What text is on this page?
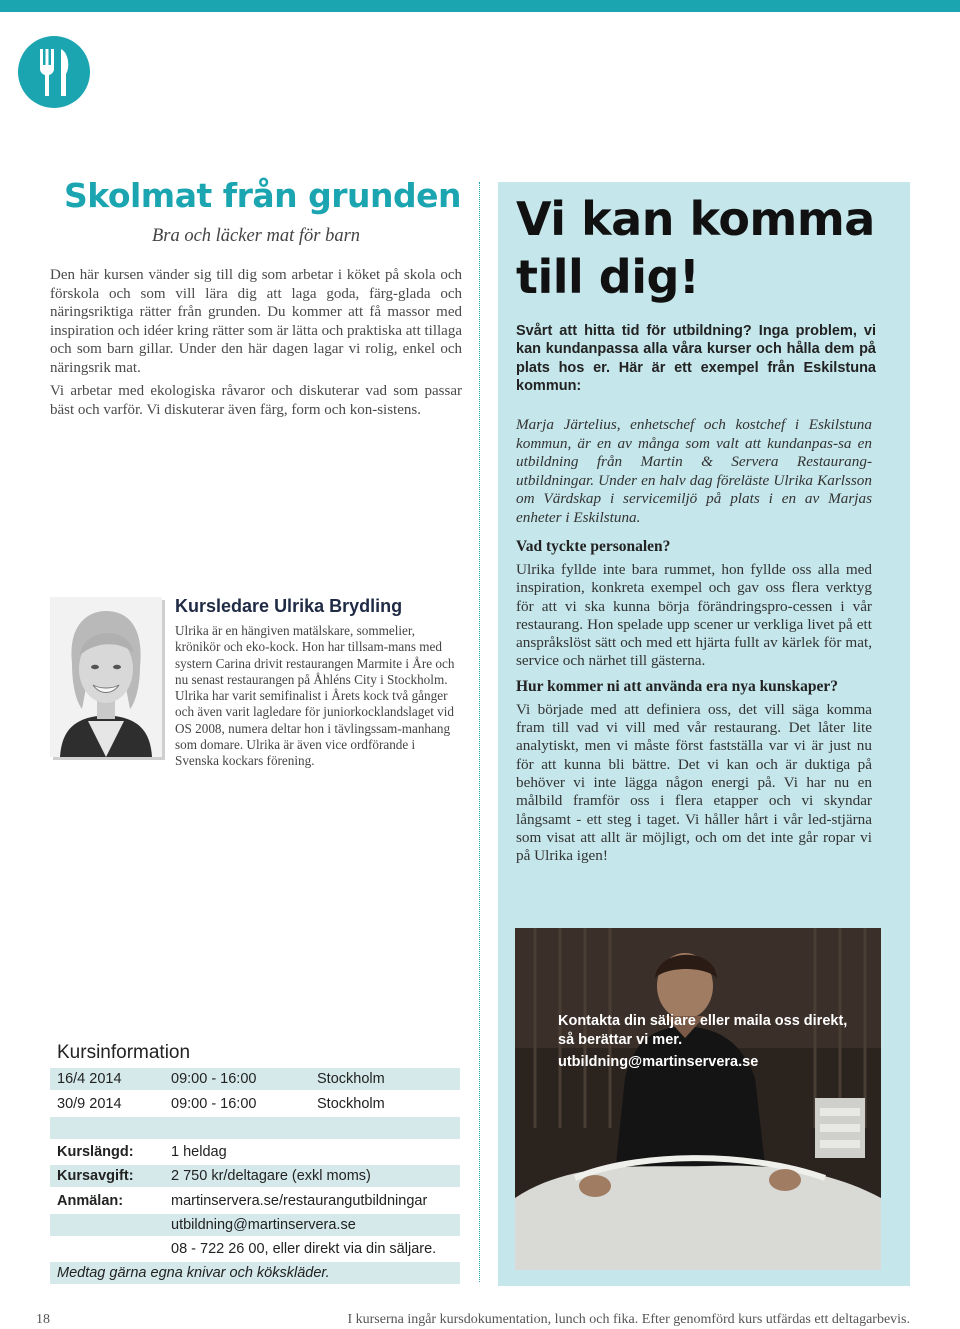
Skolmat från grunden

Bra och läcker mat för barn

Den här kursen vänder sig till dig som arbetar i köket på skola och förskola och som vill lära dig att laga goda, färg-glada och näringsriktiga rätter från grunden. Du kommer att få massor med inspiration och idéer kring rätter som är lätta och praktiska att tillaga och som barn gillar. Under den här dagen lagar vi rolig, enkel och näringsrik mat.

Vi arbetar med ekologiska råvaror och diskuterar vad som passar bäst och varför. Vi diskuterar även färg, form och kon-sistens.

Kursledare Ulrika Brydling

Ulrika är en hängiven matälskare, sommelier, krönikör och eko-kock. Hon har tillsam-mans med systern Carina drivit restaurangen Marmite i Åre och nu senast restaurangen på Åhléns City i Stockholm. Ulrika har varit semifinalist i Årets kock två gånger och även varit lagledare för juniorkocklandslaget vid OS 2008, numera deltar hon i tävlingssam-manhang som domare. Ulrika är även vice ordförande i Svenska kockars förening.

Vi kan komma till dig!

Svårt att hitta tid för utbildning? Inga problem, vi kan kundanpassa alla våra kurser och hålla dem på plats hos er. Här är ett exempel från Eskilstuna kommun:

Marja Järtelius, enhetschef och kostchef i Eskilstuna kommun, är en av många som valt att kundanpas-sa en utbildning från Martin & Servera Restaurang-utbildningar. Under en halv dag föreläste Ulrika Karlsson om Värdskap i servicemiljö på plats i en av Marjas enheter i Eskilstuna.

Vad tyckte personalen?

Ulrika fyllde inte bara rummet, hon fyllde oss alla med inspiration, konkreta exempel och gav oss flera verktyg för att vi ska kunna börja förändringspro-cessen i vår restaurang. Hon spelade upp scener ur verkliga livet på ett anspråkslöst sätt och med ett hjärta fullt av kärlek för mat, service och närhet till gästerna.

Hur kommer ni att använda era nya kunskaper?

Vi började med att definiera oss, det vill säga komma fram till vad vi vill med vår restaurang. Det låter lite analytiskt, men vi måste först fastställa var vi är just nu för att kunna bli bättre. Det vi kan och är duktiga på behöver vi inte lägga någon energi på. Vi har nu en målbild framför oss i flera etapper och vi skyndar långsamt - ett steg i taget. Vi håller hårt i vår led-stjärna som visat att allt är möjligt, och om det inte går ropar vi på Ulrika igen!

Kontakta din säljare eller maila oss direkt, så berättar vi mer.
utbildning@martinservera.se

Kursinformation
16/4 2014	09:00 - 16:00	Stockholm
30/9 2014	09:00 - 16:00	Stockholm
Kurslängd:	1 heldag
Kursavgift:	2 750 kr/deltagare (exkl moms)
Anmälan:	martinservera.se/restaurangutbildningar
utbildning@martinservera.se
08 - 722 26 00, eller direkt via din säljare.
Medtag gärna egna knivar och kökskläder.
18	I kurserna ingår kursdokumentation, lunch och fika. Efter genomförd kurs utfärdas ett deltagarbevis.
